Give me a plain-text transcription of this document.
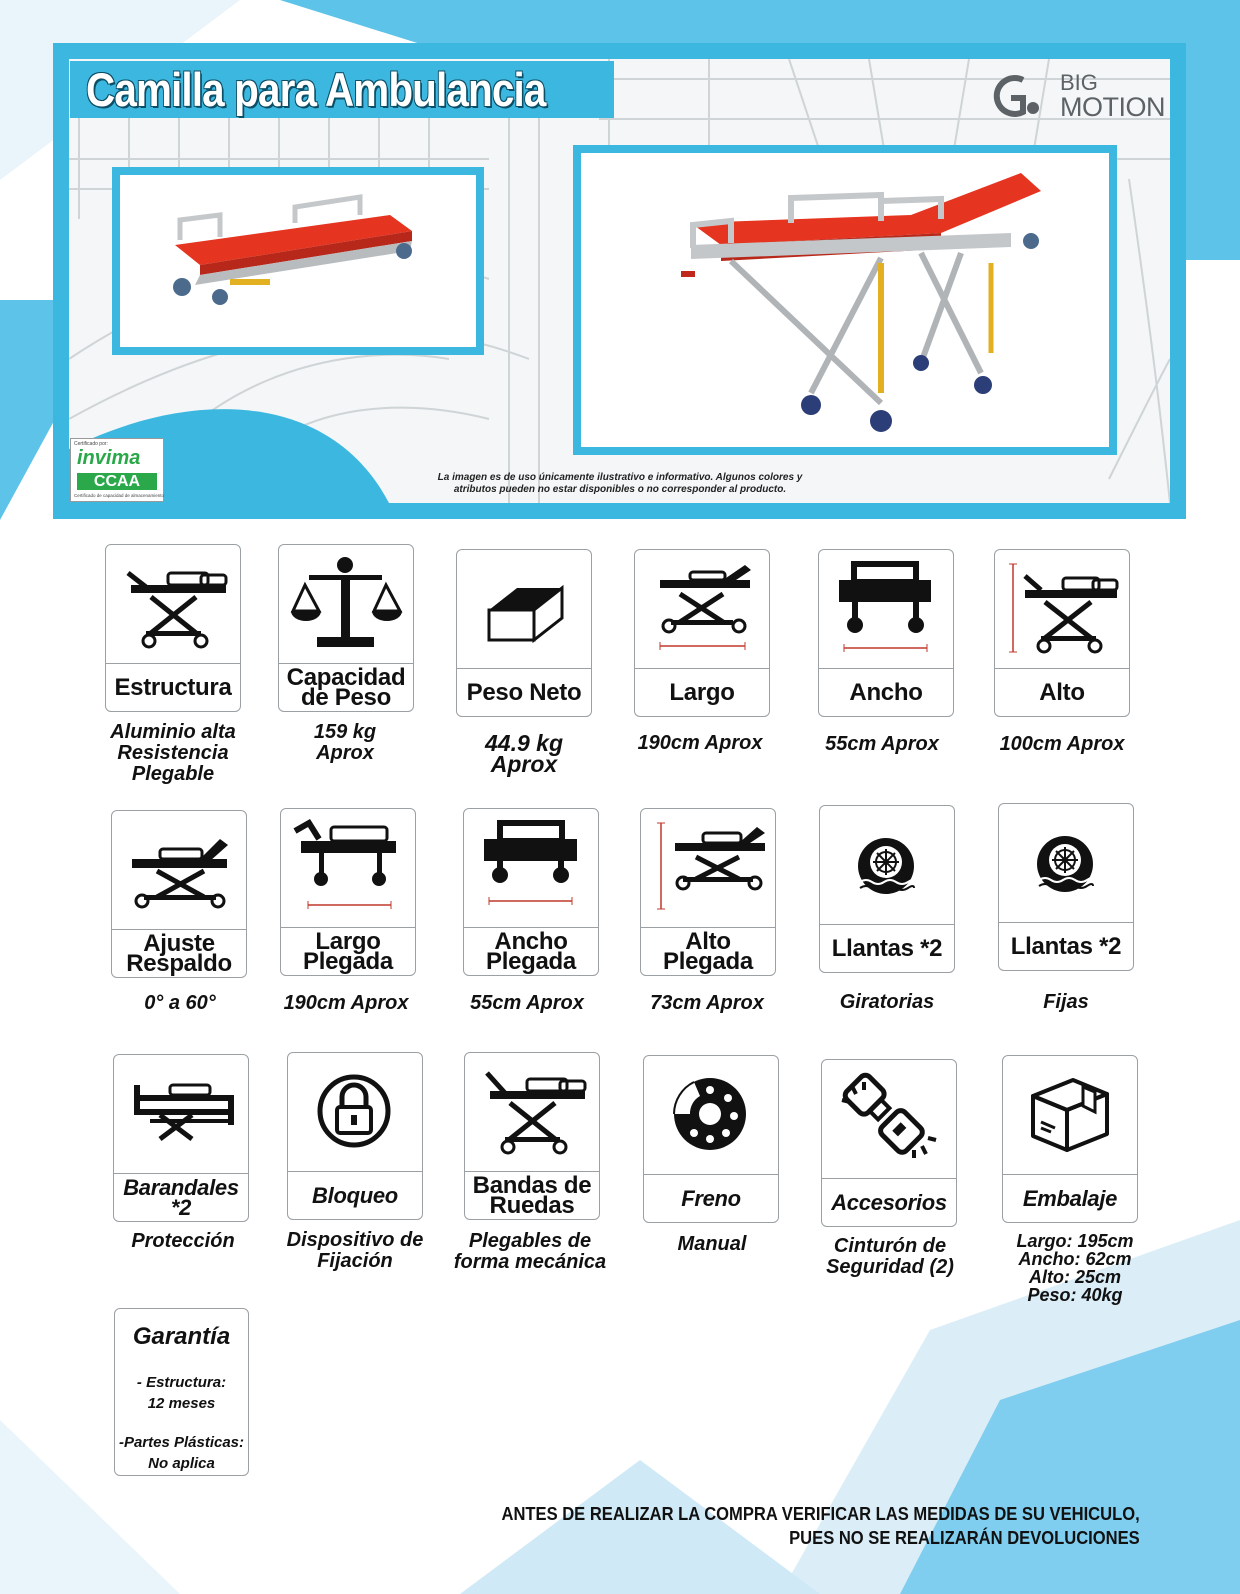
Camilla para Ambulancia	BIG
MOTION
Certificado por:
invima
CCAA
Certificado de capacidad de almacenamiento
La imagen es de uso únicamente ilustrativo e informativo. Algunos colores y
atributos pueden no estar disponibles o no corresponder al producto.
Estructura
Aluminio alta
Resistencia
Plegable
Capacidad
de Peso
159 kg
Aprox
Peso Neto
44.9 kg
Aprox
Largo
190cm Aprox
Ancho
55cm Aprox
Alto
100cm Aprox
Ajuste
Respaldo
0° a 60°
Largo
Plegada
190cm Aprox
Ancho
Plegada
55cm Aprox
Alto
Plegada
73cm Aprox
Llantas *2
Giratorias
Llantas *2
Fijas
Barandales
*2
Protección
Bloqueo
Dispositivo de
Fijación
Bandas de
Ruedas
Plegables de
forma mecánica
Freno
Manual
Accesorios
Cinturón de
Seguridad (2)
Embalaje
Largo: 195cm
Ancho: 62cm
Alto: 25cm
Peso: 40kg
Garantía
- Estructura:
12 meses
-Partes Plásticas:
No aplica
ANTES DE REALIZAR LA COMPRA VERIFICAR LAS MEDIDAS DE SU VEHICULO,
PUES NO SE REALIZARÁN DEVOLUCIONES
